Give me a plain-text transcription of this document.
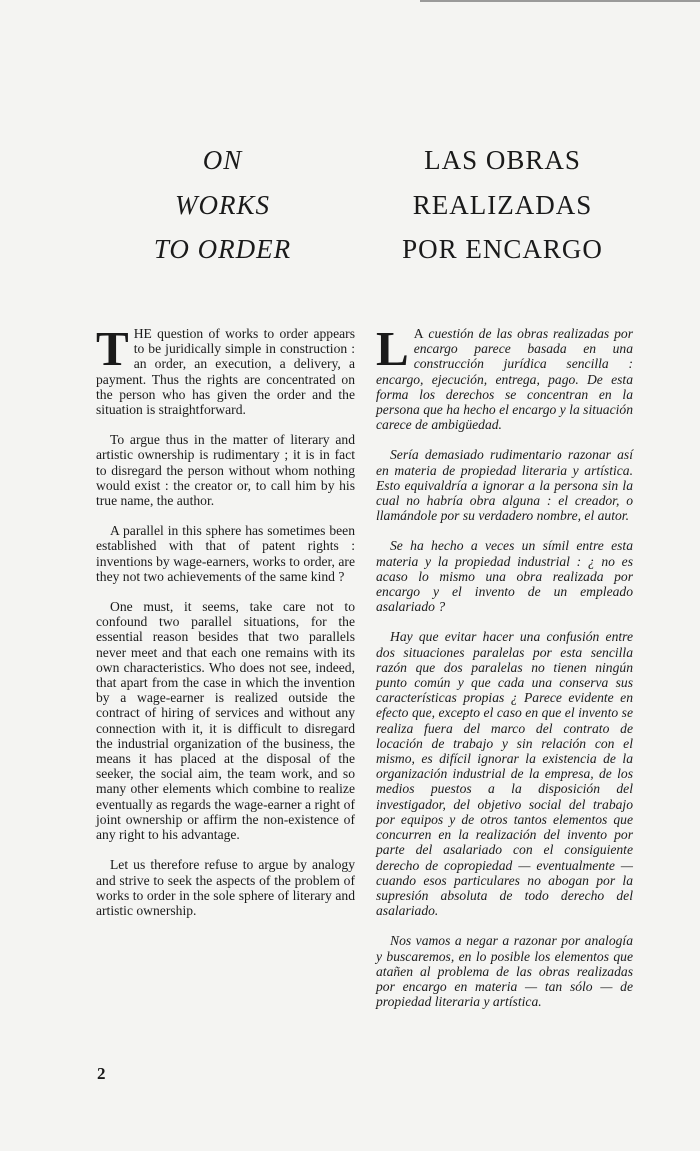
ON
WORKS
TO ORDER
LAS OBRAS
REALIZADAS
POR ENCARGO

THE question of works to order appears to be juridically simple in construction : an order, an execution, a delivery, a payment. Thus the rights are concentrated on the person who has given the order and the situation is straightforward.

To argue thus in the matter of literary and artistic ownership is rudimentary ; it is in fact to disregard the person without whom nothing would exist : the creator or, to call him by his true name, the author.

A parallel in this sphere has sometimes been established with that of patent rights : inventions by wage-earners, works to order, are they not two achievements of the same kind ?

One must, it seems, take care not to confound two parallel situations, for the essential reason besides that two parallels never meet and that each one remains with its own characteristics. Who does not see, indeed, that apart from the case in which the invention by a wage-earner is realized outside the contract of hiring of services and without any connection with it, it is difficult to disregard the industrial organization of the business, the means it has placed at the disposal of the seeker, the social aim, the team work, and so many other elements which combine to realize eventually as regards the wage-earner a right of joint ownership or affirm the non-existence of any right to his advantage.

Let us therefore refuse to argue by analogy and strive to seek the aspects of the problem of works to order in the sole sphere of literary and artistic ownership.

L A cuestión de las obras realizadas por encargo parece basada en una construcción jurídica sencilla : encargo, ejecución, entrega, pago. De esta forma los derechos se concentran en la persona que ha hecho el encargo y la situación carece de ambigüedad.

Sería demasiado rudimentario razonar así en materia de propiedad literaria y artística. Esto equivaldría a ignorar a la persona sin la cual no habría obra alguna : el creador, o llamándole por su verdadero nombre, el autor.

Se ha hecho a veces un símil entre esta materia y la propiedad industrial : ¿ no es acaso lo mismo una obra realizada por encargo y el invento de un empleado asalariado ?

Hay que evitar hacer una confusión entre dos situaciones paralelas por esta sencilla razón que dos paralelas no tienen ningún punto común y que cada una conserva sus características propias ¿ Parece evidente en efecto que, excepto el caso en que el invento se realiza fuera del marco del contrato de locación de trabajo y sin relación con el mismo, es difícil ignorar la existencia de la organización industrial de la empresa, de los medios puestos a la disposición del investigador, del objetivo social del trabajo por equipos y de otros tantos elementos que concurren en la realización del invento por parte del asalariado con el consiguiente derecho de copropiedad — eventualmente — cuando esos particulares no abogan por la supresión absoluta de todo derecho del asalariado.

Nos vamos a negar a razonar por analogía y buscaremos, en lo posible los elementos que atañen al problema de las obras realizadas por encargo en materia — tan sólo — de propiedad literaria y artística.

2
